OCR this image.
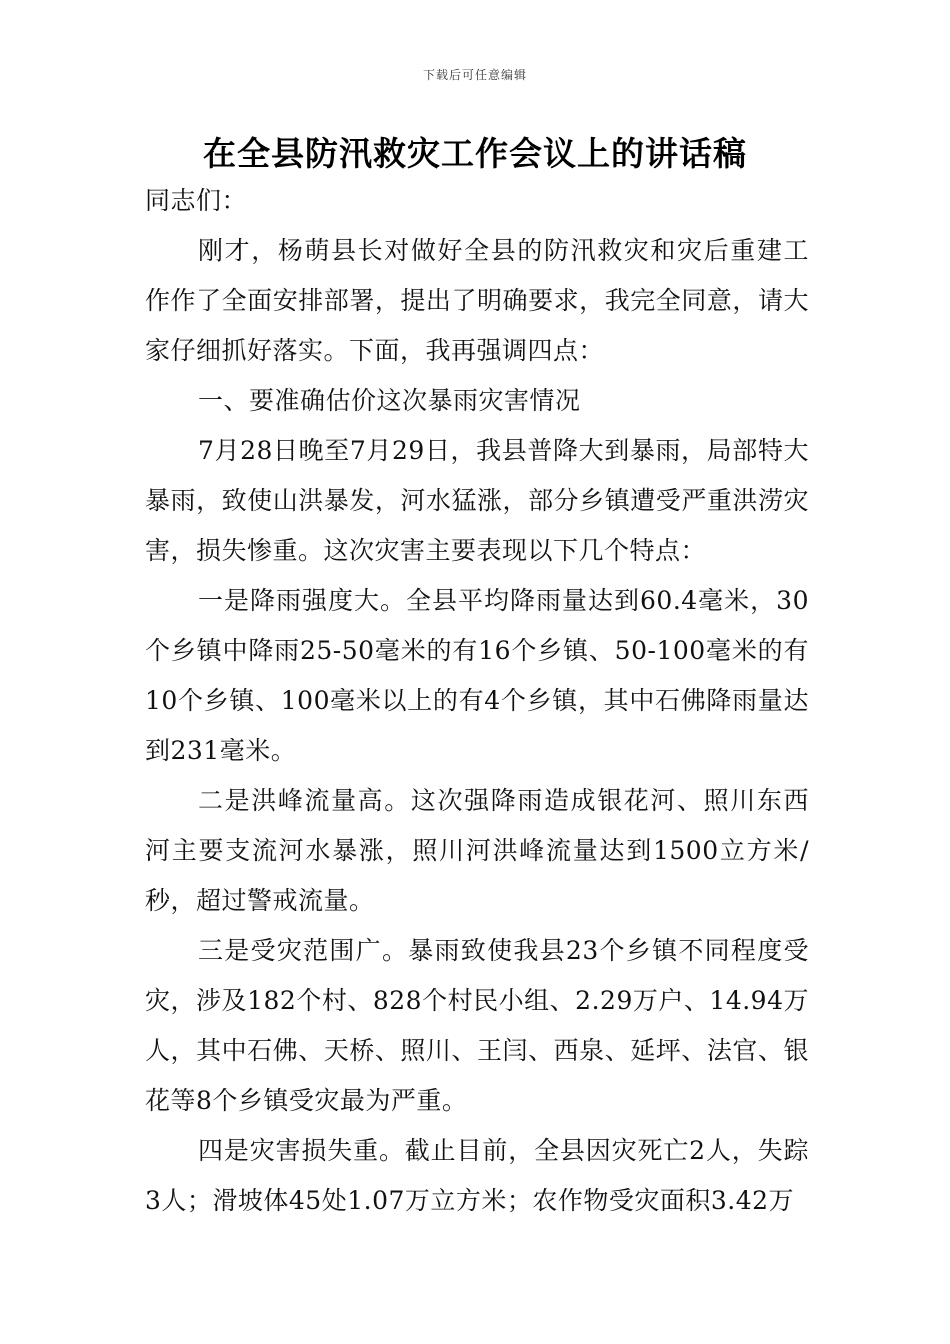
下载后可任意编辑
在全县防汛救灾工作会议上的讲话稿

同志们：

刚才，杨萌县长对做好全县的防汛救灾和灾后重建工作作了全面安排部署，提出了明确要求，我完全同意，请大家仔细抓好落实。下面，我再强调四点：

一、要准确估价这次暴雨灾害情况

7月28日晚至7月29日，我县普降大到暴雨，局部特大暴雨，致使山洪暴发，河水猛涨，部分乡镇遭受严重洪涝灾害，损失惨重。这次灾害主要表现以下几个特点：

一是降雨强度大。全县平均降雨量达到60.4毫米，30个乡镇中降雨25-50毫米的有16个乡镇、50-100毫米的有10个乡镇、100毫米以上的有4个乡镇，其中石佛降雨量达到231毫米。

二是洪峰流量高。这次强降雨造成银花河、照川东西河主要支流河水暴涨，照川河洪峰流量达到1500立方米/秒，超过警戒流量。

三是受灾范围广。暴雨致使我县23个乡镇不同程度受灾，涉及182个村、828个村民小组、2.29万户、14.94万人，其中石佛、天桥、照川、王闫、西泉、延坪、法官、银花等8个乡镇受灾最为严重。

四是灾害损失重。截止目前，全县因灾死亡2人，失踪3人；滑坡体45处1.07万立方米；农作物受灾面积3.42万
